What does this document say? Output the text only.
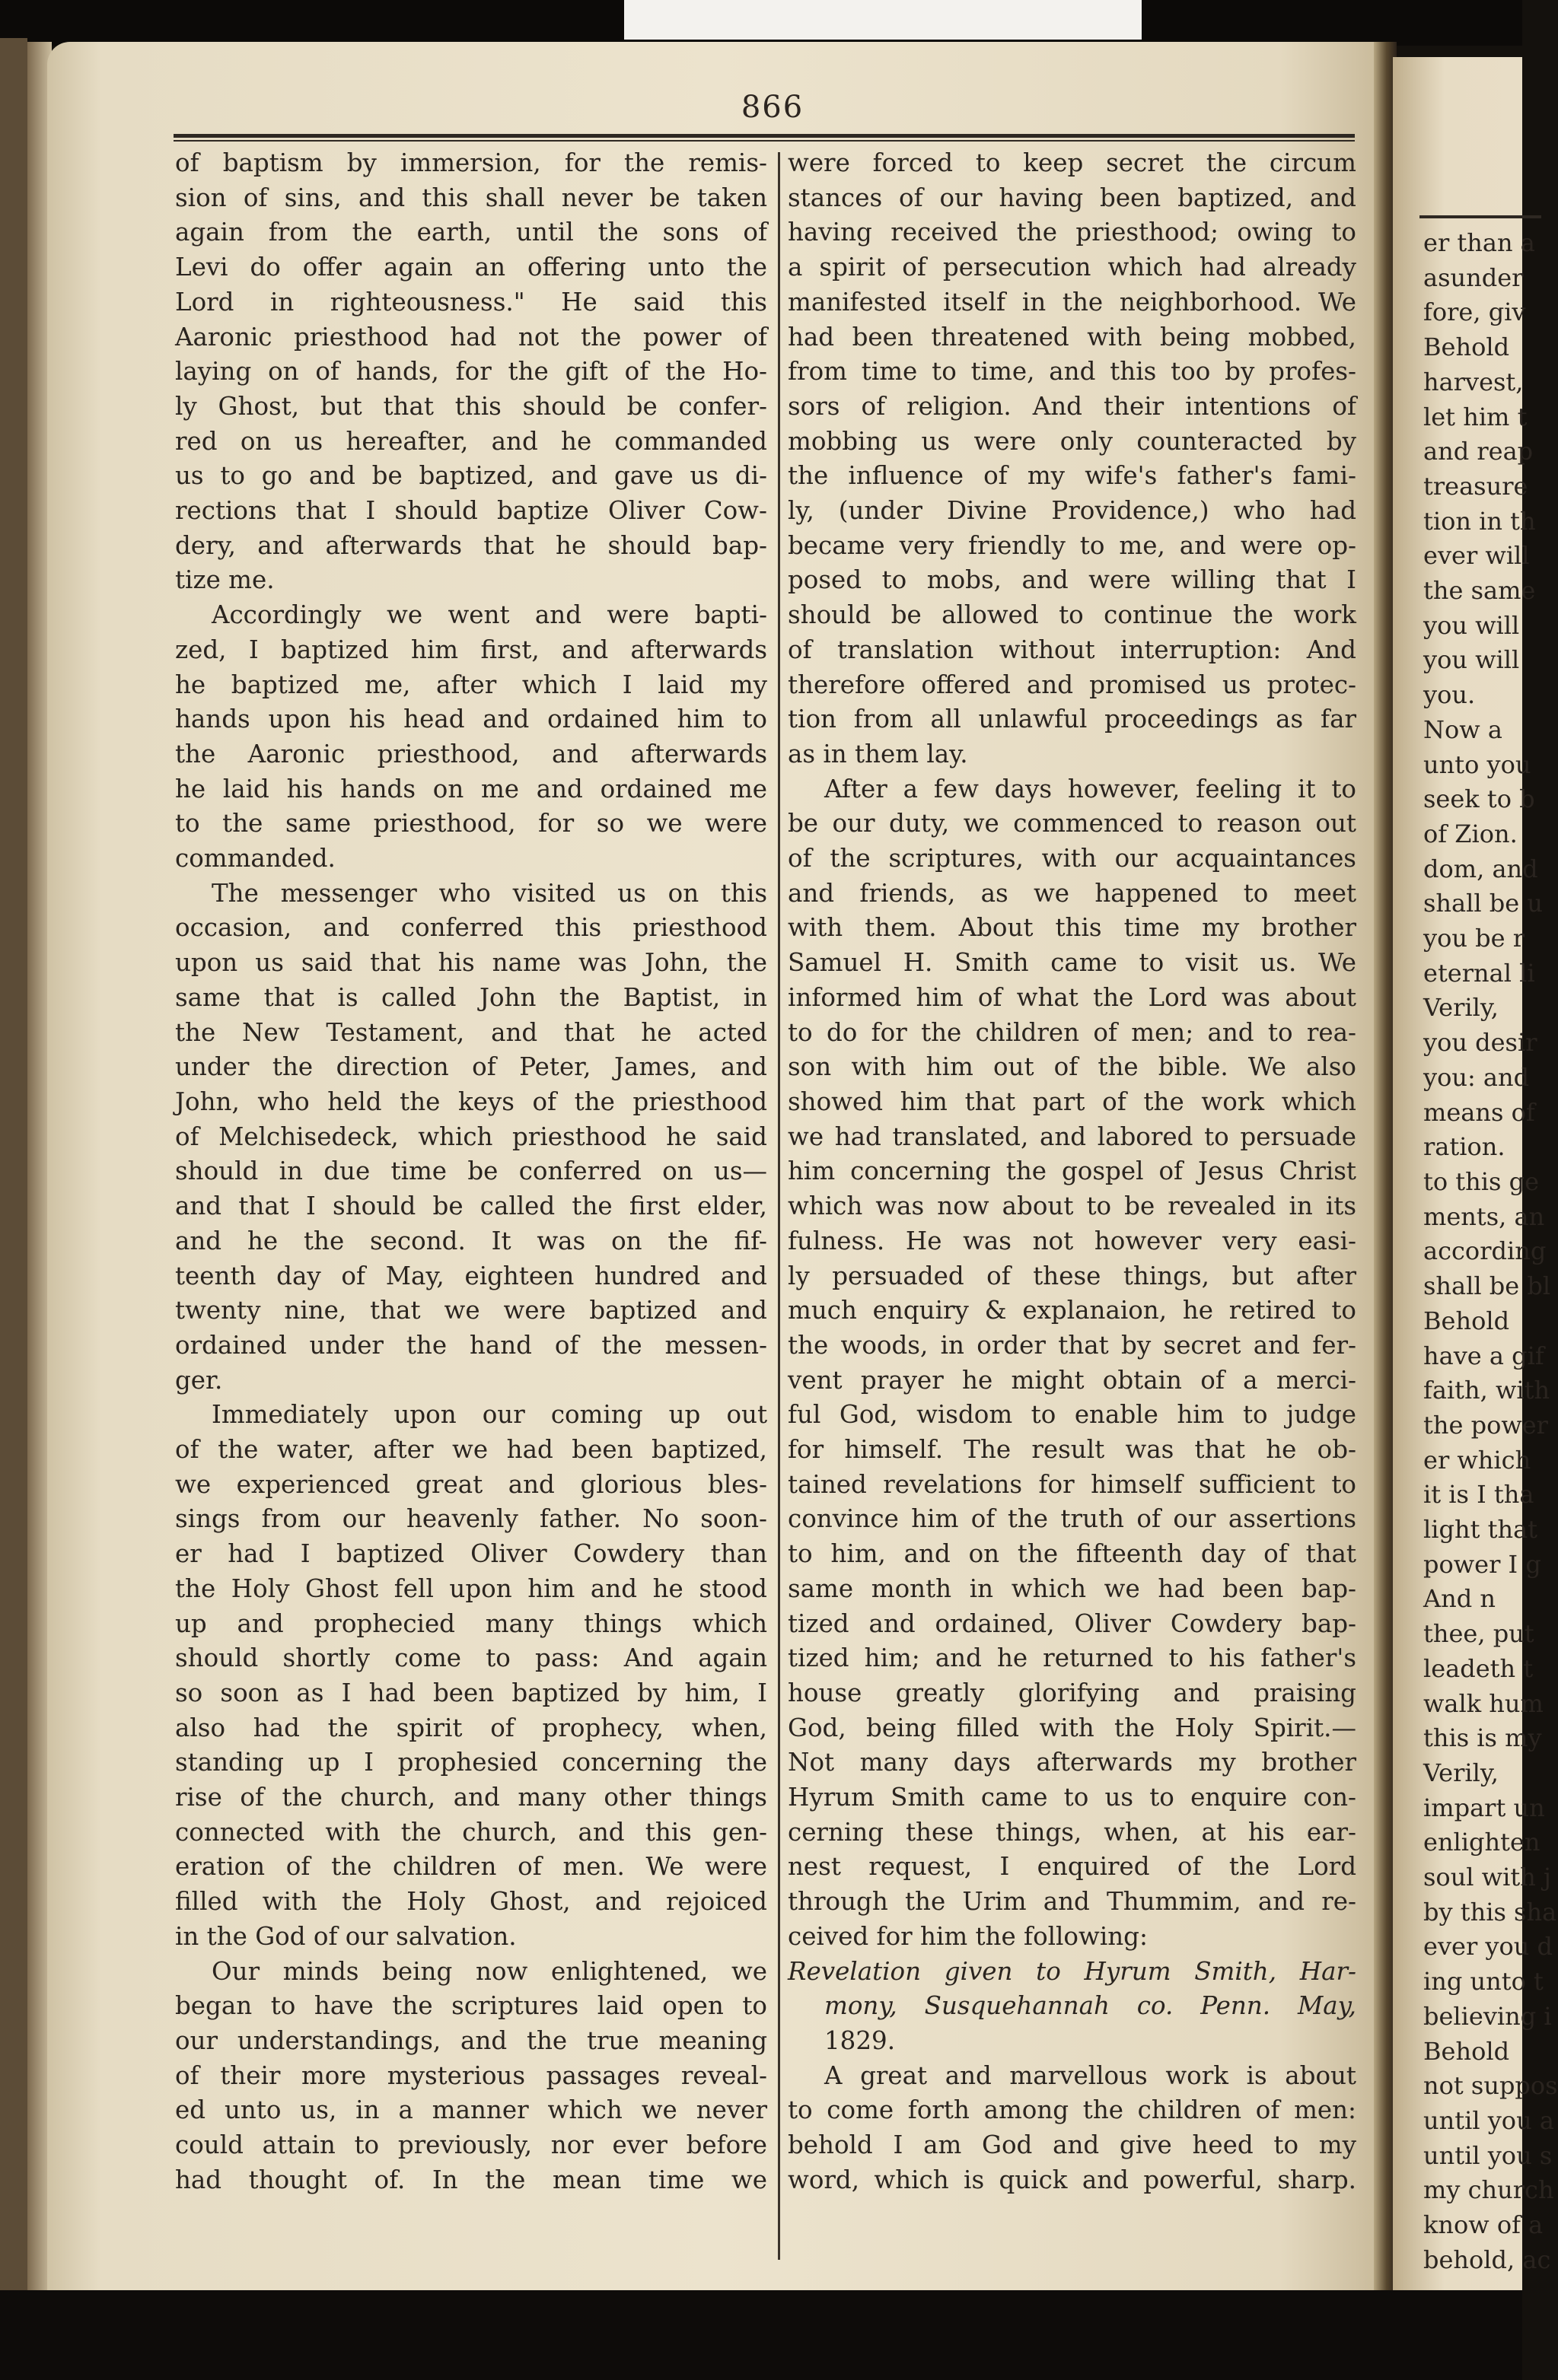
866
of baptism by immersion, for the remis-
sion of sins, and this shall never be taken
again from the earth, until the sons of
Levi do offer again an offering unto the
Lord in righteousness." He said this
Aaronic priesthood had not the power of
laying on of hands, for the gift of the Ho-
ly Ghost, but that this should be confer-
red on us hereafter, and he commanded
us to go and be baptized, and gave us di-
rections that I should baptize Oliver Cow-
dery, and afterwards that he should bap-
tize me.
Accordingly we went and were bapti-
zed, I baptized him first, and afterwards
he baptized me, after which I laid my
hands upon his head and ordained him to
the Aaronic priesthood, and afterwards
he laid his hands on me and ordained me
to the same priesthood, for so we were
commanded.
The messenger who visited us on this
occasion, and conferred this priesthood
upon us said that his name was John, the
same that is called John the Baptist, in
the New Testament, and that he acted
under the direction of Peter, James, and
John, who held the keys of the priesthood
of Melchisedeck, which priesthood he said
should in due time be conferred on us—
and that I should be called the first elder,
and he the second. It was on the fif-
teenth day of May, eighteen hundred and
twenty nine, that we were baptized and
ordained under the hand of the messen-
ger.
Immediately upon our coming up out
of the water, after we had been baptized,
we experienced great and glorious bles-
sings from our heavenly father. No soon-
er had I baptized Oliver Cowdery than
the Holy Ghost fell upon him and he stood
up and prophecied many things which
should shortly come to pass: And again
so soon as I had been baptized by him, I
also had the spirit of prophecy, when,
standing up I prophesied concerning the
rise of the church, and many other things
connected with the church, and this gen-
eration of the children of men. We were
filled with the Holy Ghost, and rejoiced
in the God of our salvation.
Our minds being now enlightened, we
began to have the scriptures laid open to
our understandings, and the true meaning
of their more mysterious passages reveal-
ed unto us, in a manner which we never
could attain to previously, nor ever before
had thought of. In the mean time we
were forced to keep secret the circum
stances of our having been baptized, and
having received the priesthood; owing to
a spirit of persecution which had already
manifested itself in the neighborhood. We
had been threatened with being mobbed,
from time to time, and this too by profes-
sors of religion. And their intentions of
mobbing us were only counteracted by
the influence of my wife's father's fami-
ly, (under Divine Providence,) who had
became very friendly to me, and were op-
posed to mobs, and were willing that I
should be allowed to continue the work
of translation without interruption: And
therefore offered and promised us protec-
tion from all unlawful proceedings as far
as in them lay.
After a few days however, feeling it to
be our duty, we commenced to reason out
of the scriptures, with our acquaintances
and friends, as we happened to meet
with them. About this time my brother
Samuel H. Smith came to visit us. We
informed him of what the Lord was about
to do for the children of men; and to rea-
son with him out of the bible. We also
showed him that part of the work which
we had translated, and labored to persuade
him concerning the gospel of Jesus Christ
which was now about to be revealed in its
fulness. He was not however very easi-
ly persuaded of these things, but after
much enquiry & explanaion, he retired to
the woods, in order that by secret and fer-
vent prayer he might obtain of a merci-
ful God, wisdom to enable him to judge
for himself. The result was that he ob-
tained revelations for himself sufficient to
convince him of the truth of our assertions
to him, and on the fifteenth day of that
same month in which we had been bap-
tized and ordained, Oliver Cowdery bap-
tized him; and he returned to his father's
house greatly glorifying and praising
God, being filled with the Holy Spirit.—
Not many days afterwards my brother
Hyrum Smith came to us to enquire con-
cerning these things, when, at his ear-
nest request, I enquired of the Lord
through the Urim and Thummim, and re-
ceived for him the following:
Revelation given to Hyrum Smith, Har-
mony, Susquehannah co. Penn. May,
1829.
A great and marvellous work is about
to come forth among the children of men:
behold I am God and give heed to my
word, which is quick and powerful, sharp.
er than a
asunder
fore, giv
Behold
harvest,
let him t
and reap
treasure
tion in th
ever will
the same
you will
you will
you.
Now a
unto you
seek to b
of Zion.
dom, and
shall be u
you be r
eternal li
Verily,
you desir
you: and
means of
ration.
to this ge
ments, an
according
shall be bl
Behold
have a gif
faith, with
the power
er which
it is I tha
light that
power I g
And n
thee, put
leadeth t
walk hum
this is my
Verily,
impart un
enlighten
soul with j
by this sha
ever you d
ing unto t
believing i
Behold
not suppos
until you a
until you s
my church
know of a
behold, ac
